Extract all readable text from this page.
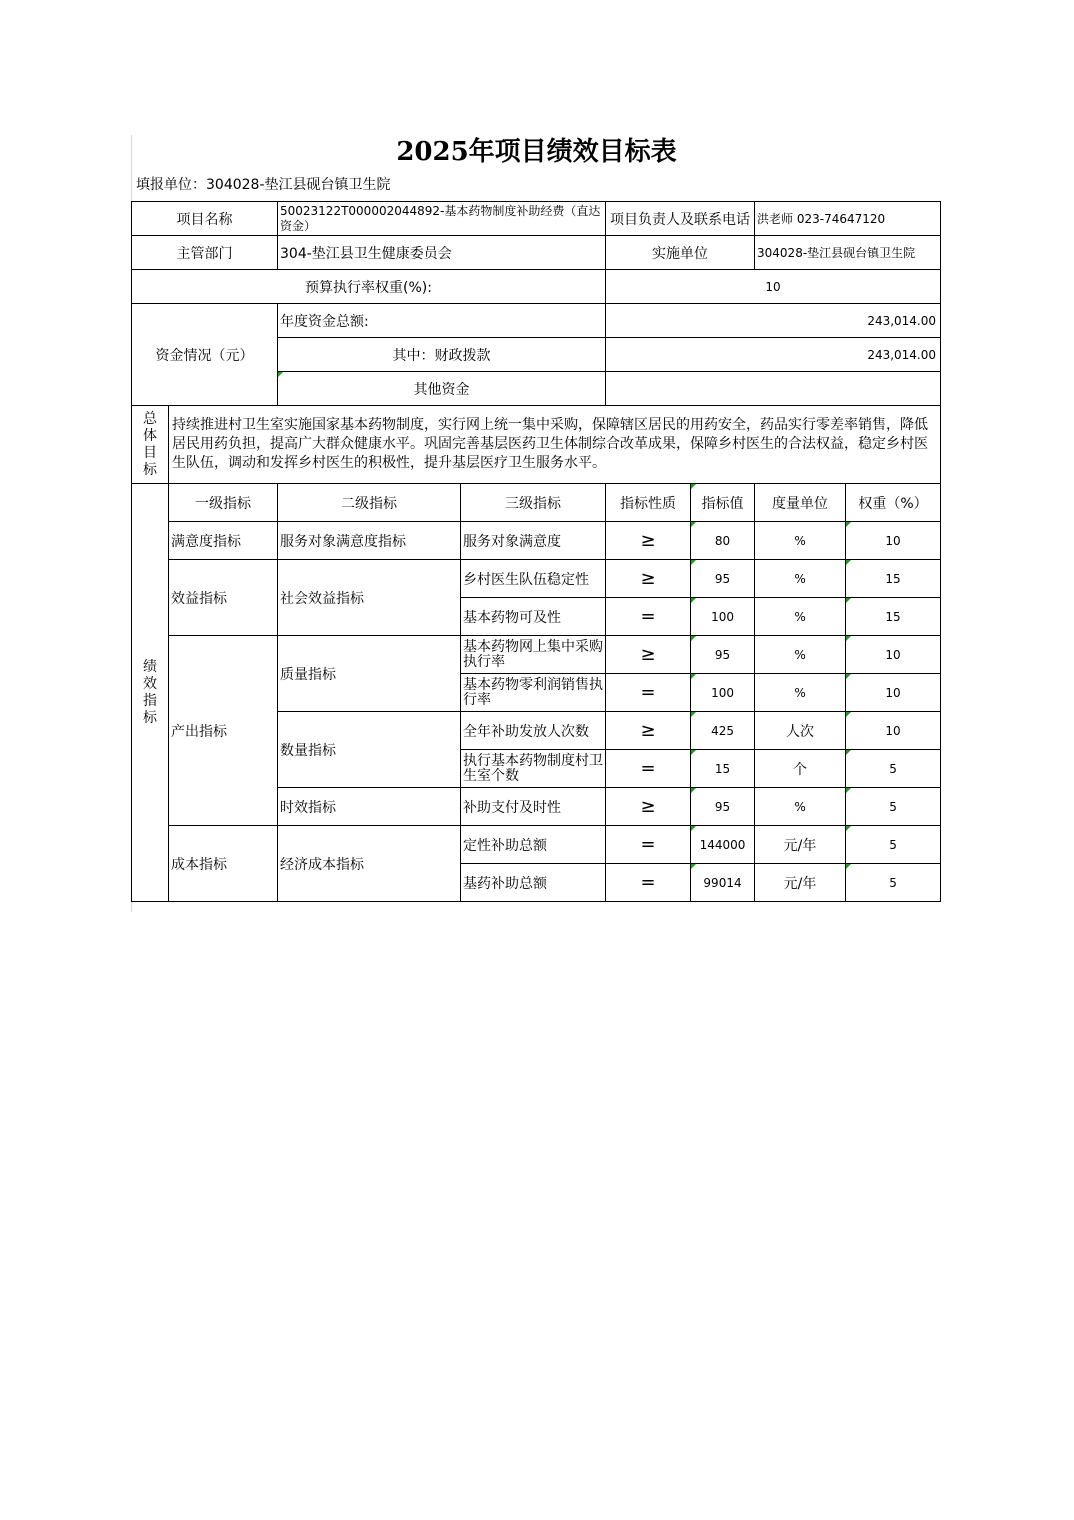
2025年项目绩效目标表
填报单位：304028-垫江县砚台镇卫生院
项目名称		50023122T000002044892-基本药物制度补助经费（直达资金）		项目负责人及联系电话		洪老师 023-74647120	
主管部门		304-垫江县卫生健康委员会		实施单位		304028-垫江县砚台镇卫生院	
预算执行率权重(%):				10			
资金情况（元）		年度资金总额:		243,014.00			
		其中：财政拨款		243,014.00			
		其他资金					

总
体
目
标	持续推进村卫生室实施国家基本药物制度，实行网上统一集中采购，保障辖区居民的用药安全，药品实行零差率销售，降低居民用药负担，提高广大群众健康水平。巩固完善基层医药卫生体制综合改革成果，保障乡村医生的合法权益，稳定乡村医生队伍，调动和发挥乡村医生的积极性，提升基层医疗卫生服务水平。						

绩
效
指
标	一级指标	二级指标	三级指标	指标性质	指标值	度量单位	权重（%）
	满意度指标	服务对象满意度指标	服务对象满意度	≥	80	%	10
	效益指标	社会效益指标	乡村医生队伍稳定性	≥	95	%	15
			基本药物可及性	=	100	%	15
	产出指标	质量指标	基本药物网上集中采购执行率	≥	95	%	10
			基本药物零利润销售执行率	=	100	%	10
		数量指标	全年补助发放人次数	≥	425	人次	10
			执行基本药物制度村卫生室个数	=	15	个	5
		时效指标	补助支付及时性	≥	95	%	5
	成本指标	经济成本指标	定性补助总额	=	144000	元/年	5
			基药补助总额	=	99014	元/年	5
